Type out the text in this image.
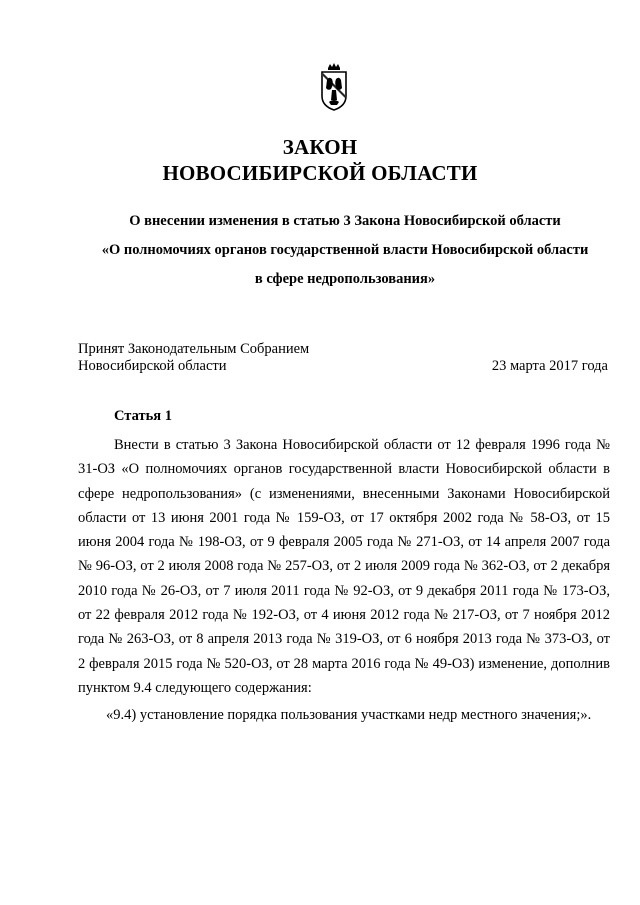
ЗАКОН
НОВОСИБИРСКОЙ ОБЛАСТИ
О внесении изменения в статью 3 Закона Новосибирской области
«О полномочиях органов государственной власти Новосибирской области
в сфере недропользования»
Принят Законодательным Собранием
Новосибирской области	23 марта 2017 года
Статья 1

Внести в статью 3 Закона Новосибирской области от 12 февраля 1996 года № 31-ОЗ «О полномочиях органов государственной власти Новосибирской области в сфере недропользования» (с изменениями, внесенными Законами Новосибирской области от 13 июня 2001 года № 159-ОЗ, от 17 октября 2002 года № 58-ОЗ, от 15 июня 2004 года № 198-ОЗ, от 9 февраля 2005 года № 271-ОЗ, от 14 апреля 2007 года № 96-ОЗ, от 2 июля 2008 года № 257-ОЗ, от 2 июля 2009 года № 362-ОЗ, от 2 декабря 2010 года № 26-ОЗ, от 7 июля 2011 года № 92-ОЗ, от 9 декабря 2011 года № 173-ОЗ, от 22 февраля 2012 года № 192-ОЗ, от 4 июня 2012 года № 217-ОЗ, от 7 ноября 2012 года № 263-ОЗ, от 8 апреля 2013 года № 319-ОЗ, от 6 ноября 2013 года № 373-ОЗ, от 2 февраля 2015 года № 520-ОЗ, от 28 марта 2016 года № 49-ОЗ) изменение, дополнив пунктом 9.4 следующего содержания:

«9.4) установление порядка пользования участками недр местного значения;».
